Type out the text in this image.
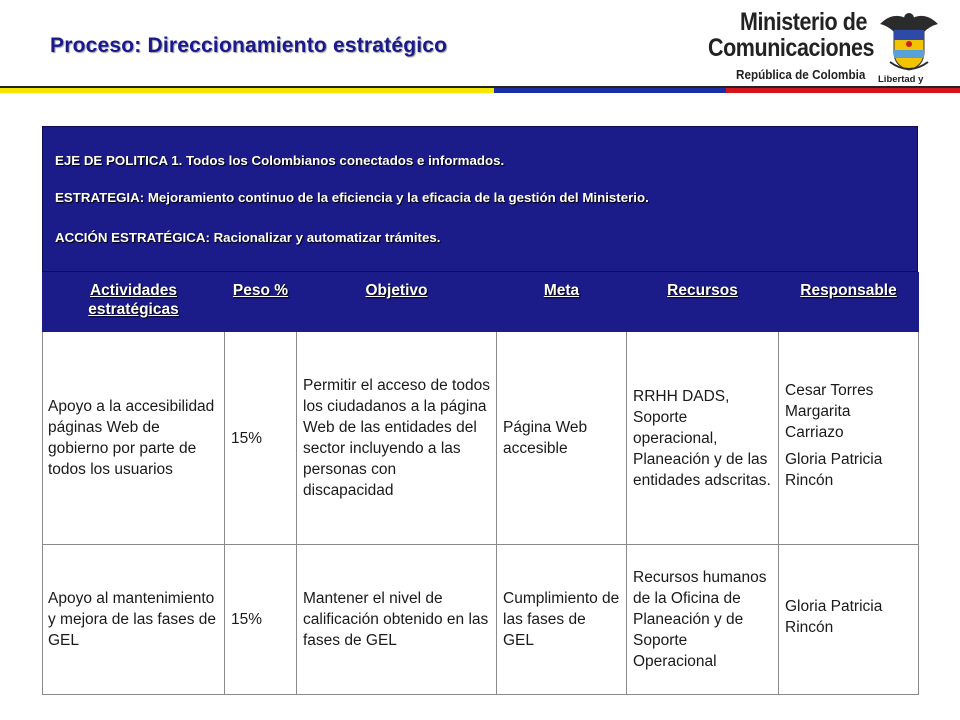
Proceso: Direccionamiento estratégico
Ministerio de
Comunicaciones
República de Colombia Libertad y

EJE DE POLITICA 1. Todos los Colombianos conectados e informados.

ESTRATEGIA: Mejoramiento continuo de la eficiencia y la eficacia de la gestión del Ministerio.

ACCIÓN ESTRATÉGICA: Racionalizar y automatizar trámites.

Actividades estratégicas	Peso %	Objetivo	Meta	Recursos	Responsable
Apoyo a la accesibilidad páginas Web de gobierno por parte de todos los usuarios	15%	Permitir el acceso de todos los ciudadanos a la página Web de las entidades del sector incluyendo a las personas con discapacidad	Página Web accesible	RRHH DADS, Soporte operacional, Planeación y de las entidades adscritas.	Cesar Torres Margarita Carriazo

Gloria Patricia Rincón

Apoyo al mantenimiento y mejora de las fases de GEL	15%	Mantener el nivel de calificación obtenido en las fases de GEL	Cumplimiento de las fases de GEL	Recursos humanos de la Oficina de Planeación y de Soporte Operacional	Gloria Patricia Rincón
